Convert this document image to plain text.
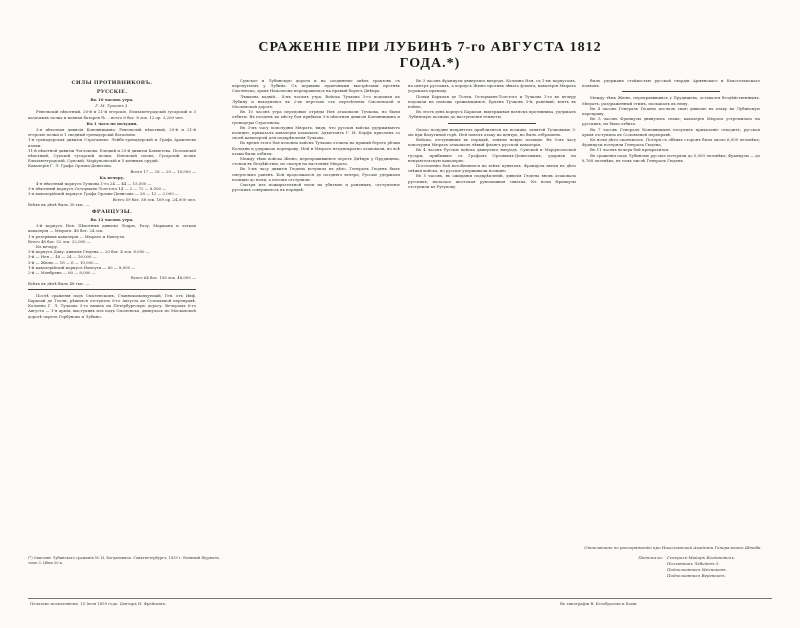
СРАЖЕНІЕ ПРИ ЛУБИНѢ 7-го АВГУСТА 1812 ГОДА.*)
СИЛЫ ПРОТИВНИКОВЪ.
РУССКІЕ.
Въ 10 часовъ утра.
Г. М. Тучковъ 3.

Ревельскій пѣхотный, 20-й и 21-й егерскіе, Елизаветградскій гусарскій и 3 казачьихъ полка и конная батарея № ... всего 6 бат. 8 эск. 12 ор. 3,200 чел.

Въ 1 часъ по полудни.

3-я пѣхотная дивизія Коновницына: Ревельскій пѣхотный, 20-й и 21-й егерскіе полки и 1 сводный гренадерскій баталіонъ.
1-я гренадерская дивизія Строганова: Лейбъ-гренадерскій и Графа Аракчеева полки.
11-й пѣхотной дивизіи Чоглокова: Елецкій и 23-й дивизіи Бахметева. Полтавскій пѣхотный, Сумскій гусарскій полки, Изюмскій полкъ, Гусарскій полкъ Елизаветградскій, Сумскій, Марiупольскій и 5 конныхъ орудій.
Кавалерія Г. Л. Графа Орлова-Денисова.

Всего 17 — 28 — 29 — 10,000 —
Къ вечеру.

4-я пѣхотный корпусъ Тучкова 1-го 24 — 44 — 15,500 —
3-я пѣхотный корпусъ Остерманъ-Толстого 14 — 2 — 72 — 8,500 —
3-я кавалерійскій корпусъ Графа Орлова-Денисова — 28 — 12 — 2,000 —

Всего 59 бат. 58 эск. 169 ор. 24,000 чел.
Всѣхъ въ дѣлѣ было 30 тыс. —
ФРАНЦУЗЫ.
Въ 12 часовъ утра.

3-й корпусъ Нея. Пѣхотныя дивизіи Ледрю, Разу, Маршана и легкая кавалерія — Мюратъ. 48 бат. 24 эск.
1-я резервная кавалерія — Мюратъ и Нансути.
Всего 48 бат. 52 эск. 22,000 —

Къ вечеру.
3-й корпусъ Даву: дивизія Гюдена — 20 бат. 4 эск. 8,000 —
3-й — Нея — 48 — 24 — 16,000 —
3-й — Жюно — 18 — 6 — 10,000 —
1-й кавалерійскій корпусъ Нансути — 60 — 8,000 —
2-й — Монбрена — 60 — 8,000 —

Всего 64 бат. 156 эск. 48,000 —
Всѣхъ въ дѣлѣ было 48 тыс. —

Послѣ сраженія подъ Смоленскомъ, Главнокомандующій, Ген. отъ Инф. Барклай де Толли, рѣшился отступать 6-го Августа къ Соловьевой переправѣ. Колонна Г. Л. Тучкова 3-го вышла на Петербургскую дорогу. Вечеромъ 6-го Августа — 1-я армія, выступивъ изъ подъ Смоленска, двинулась по Московской дорогѣ черезъ Горбуново и Лубино.

(*) Описаніе Лубинскаго сраженія М. И. Богдановича. Санктпетербургъ, 1859 г. Военный Журналъ, томъ 3. Цѣна 50 к.

Сумское и Лубинскую дороги и на соединеніе онѣхъ трактовъ съ перепутьемъ у Лубина. Съ первыми пушечными выстрѣлами противъ Смоленска, армія Наполеона переправилась на правый берегъ Днѣпра.

Ляшкова кадкій... 4-мъ часамъ утра, Войска Тучкова 3-го подошли къ Лубину и находились въ 2-хъ верстахъ отъ пересѣченія Смоленской и Московской дорогъ.

Въ 10 часовъ утра передовые отряды Нея атаковали Тучкова, но были отбиты. Въ полдень къ мѣсту боя прибыли 3-я пѣхотная дивизія Коновницына и гренадеры Строганова.

Въ 3-мъ часу пополудни Мюратъ, видя, что русскія войска удерживаютъ позицію, приказалъ кавалеріи атаковать. Адъютантъ Г. М. Корфъ присланъ со своей кавалеріей для подкрѣпленія Тучкова.

Во время этого боя колонна войскъ Тучкова отошла на правый берегъ рѣчки Колодни и удержала переправу. Ней и Мюратъ неоднократно атаковали, но всѣ атаки были отбиты.

Между тѣмъ войска Жюно, переправившіяся черезъ Днѣпръ у Прудищева, стояли въ бездѣйствіи, не смотря на настоянія Мюрата.

Въ 5-мъ часу дивизія Гюдена вступила въ дѣло. Генералъ Гюденъ былъ смертельно раненъ. Бой продолжался до поздняго вечера; Русскіе удержали позицію до ночи, а потомъ отступили.

Смотря изъ пожирательной ночи на убитыхъ и раненыхъ, отступленіе русскихъ совершилось въ порядкѣ.

Въ 3 часовъ Французы двинулись впередъ. Колонна Нея, съ 1-мъ корпусомъ, на центръ русскихъ, а корпусъ Жюно противъ лѣваго фланга; кавалерія Мюрата угрожала правому.

Полки Барклая де Толли, Остерманъ-Толстого и Тучкова 1-го къ вечеру подошли на помощь сражающимся. Ерченъ Тучковъ 3-й, раненый, взятъ въ плѣнъ.

Въ этотъ день корпусъ Барклая, выдерживая натискъ противника, удержалъ Лубинскую позицію до наступленія темноты.

Около полудни непріятель приблизился къ позиціи, занятой Тучковымъ 3-мъ при Валутиной горѣ. Ней повелъ атаку на центръ, но былъ отброшенъ.

Войска, отступившія въ порядкѣ, заняли новую позицію. Въ 5-мъ часу пополудни Мюратъ атаковалъ лѣвый флангъ русской кавалеріи.

Въ 4 часовъ Русскіе войска двинулись впередъ. Сумской и Марiупольской гусары, прибывшіе съ Графомъ Орловымъ-Денисовымъ, ударили на непріятельскую кавалерію.

Постепенно бой возобновился на всѣхъ пунктахъ. Французы ввели въ дѣло свѣжія войска, но русскіе удерживали позицію.

Въ 5 часовъ, въ ожиданіи подкрѣпленій, дивизія Гюдена вновь атаковала русскихъ; началась жестокая рукопашная схватка. Къ ночи Французы отступили къ Рутукову.

былъ удержанъ стойкостью русской гвардіи Армянскаго и Кексгольмскаго полковъ.

Между тѣмъ Жюно, переправившись у Прудищева, оставался бездѣйственнымъ. Мюратъ, раздраженный этимъ, поскакалъ къ нему.

Въ 4 часовъ Генералъ Гюденъ послалъ свою дивизію въ атаку на Лубинскую переправу.

Въ 5 часовъ Французы двинулись снова; кавалерія Мюрата устремилась на русскихъ, но была отбита.

Въ 7 часовъ Генералъ Коновницынъ получилъ приказаніе отходить; русская армія отступила къ Соловьевой переправѣ.

Къ ночи дѣло окончилось. Потеря съ обѣихъ сторонъ была около 6,000 человѣкъ; Французы потеряли Генерала Гюдена.

Въ 11 часовъ вечера бой прекратился.

Въ сраженіи подъ Лубиномъ русскіе потеряли до 5,000 человѣкъ; Французы — до 8,768 человѣкъ, въ томъ числѣ Генералъ Гюденъ.

Отпечатано по распоряженію при Николаевской Академіи Генеральнаго Штаба.
Подписали:	Генералъ-Майоръ Богдановичъ.
Полковникъ Лебедевъ 3.
Подполковникъ Мечниковъ.
Подполковникъ Веревкинъ.
Печатано позволеніемъ. 10 Іюля 1859 года. Цензоръ Н. Фрейгангъ.	Въ типографіи В. Безобразова и Комп.
